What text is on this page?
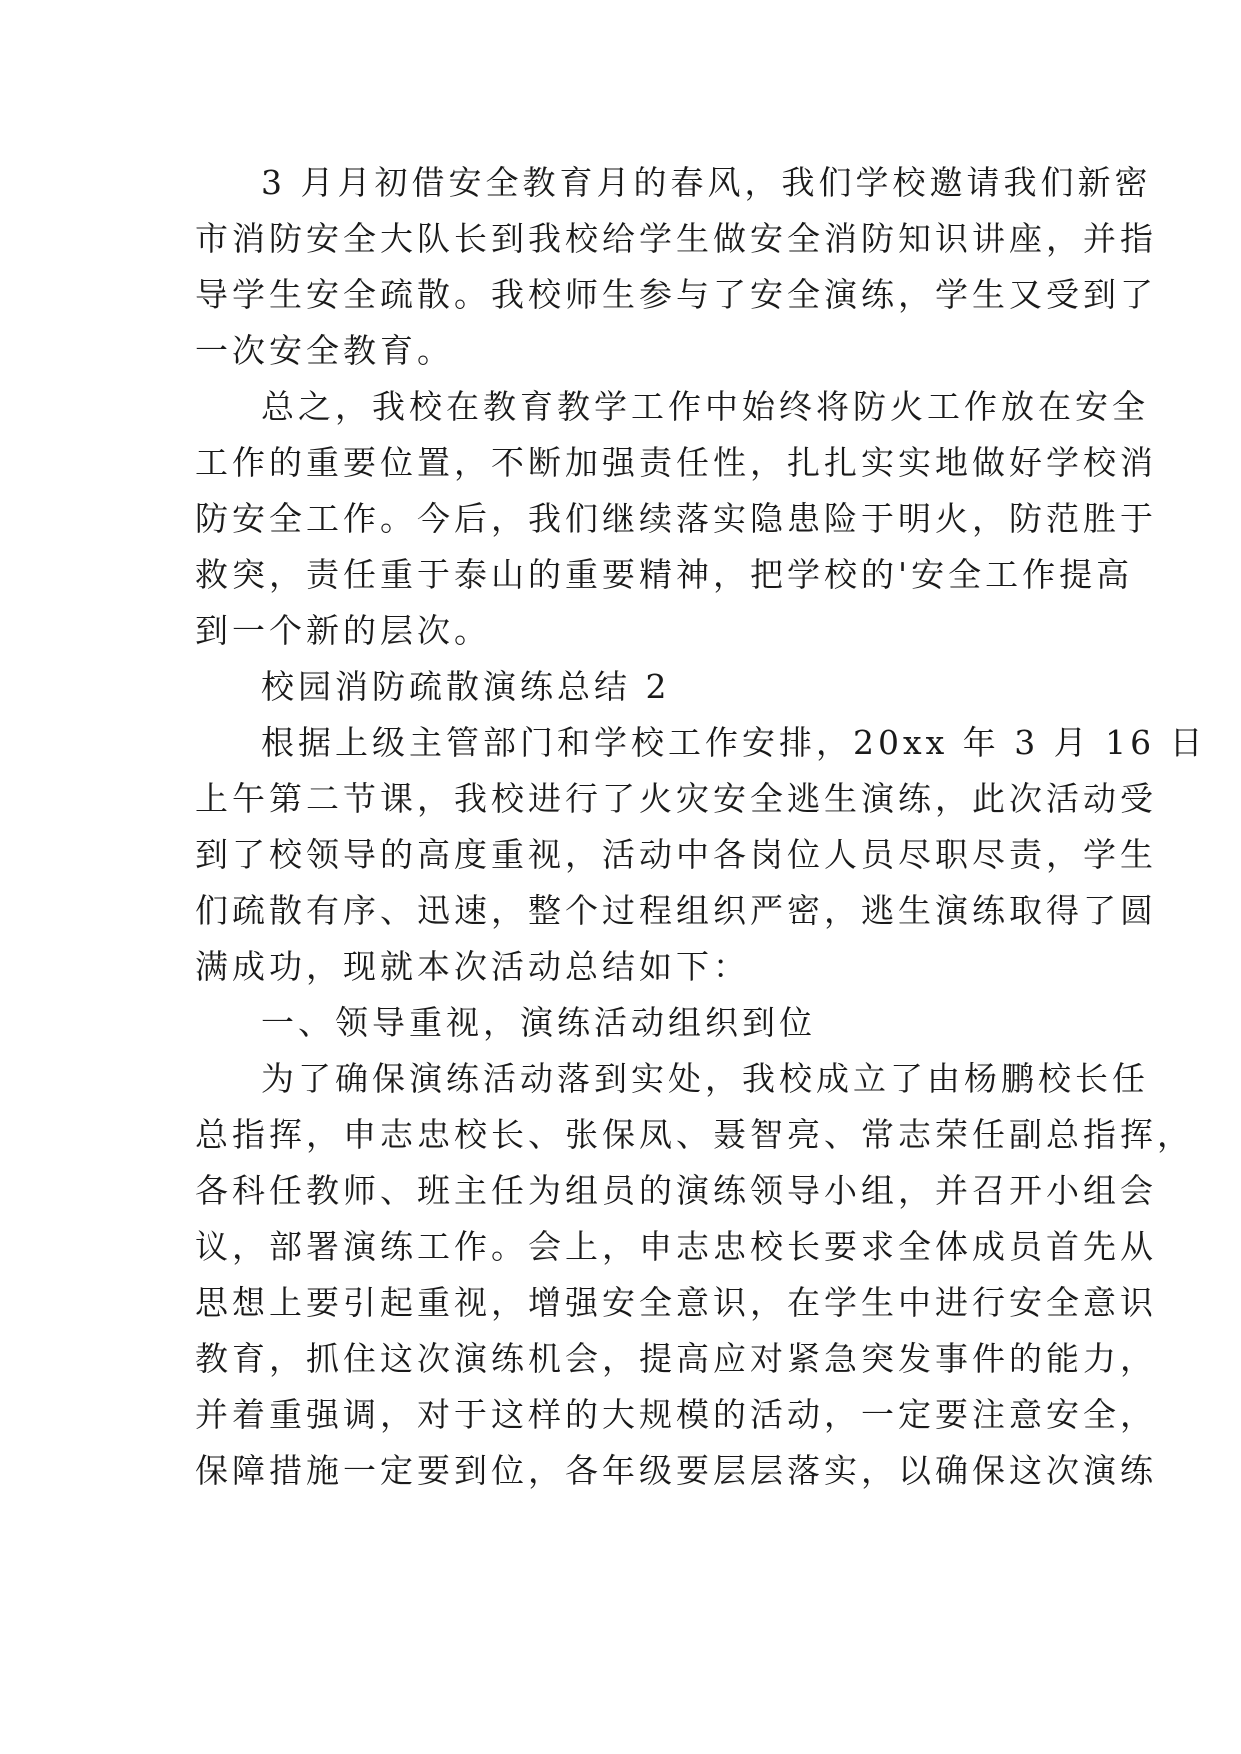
3 月月初借安全教育月的春风，我们学校邀请我们新密

市消防安全大队长到我校给学生做安全消防知识讲座，并指

导学生安全疏散。我校师生参与了安全演练，学生又受到了

一次安全教育。

总之，我校在教育教学工作中始终将防火工作放在安全

工作的重要位置，不断加强责任性，扎扎实实地做好学校消

防安全工作。今后，我们继续落实隐患险于明火，防范胜于

救突，责任重于泰山的重要精神，把学校的'安全工作提高

到一个新的层次。

校园消防疏散演练总结 2

根据上级主管部门和学校工作安排，20xx 年 3 月 16 日

上午第二节课，我校进行了火灾安全逃生演练，此次活动受

到了校领导的高度重视，活动中各岗位人员尽职尽责，学生

们疏散有序、迅速，整个过程组织严密，逃生演练取得了圆

满成功，现就本次活动总结如下：

一、领导重视，演练活动组织到位

为了确保演练活动落到实处，我校成立了由杨鹏校长任

总指挥，申志忠校长、张保凤、聂智亮、常志荣任副总指挥，

各科任教师、班主任为组员的演练领导小组，并召开小组会

议，部署演练工作。会上，申志忠校长要求全体成员首先从

思想上要引起重视，增强安全意识，在学生中进行安全意识

教育，抓住这次演练机会，提高应对紧急突发事件的能力，

并着重强调，对于这样的大规模的活动，一定要注意安全，

保障措施一定要到位，各年级要层层落实，以确保这次演练
